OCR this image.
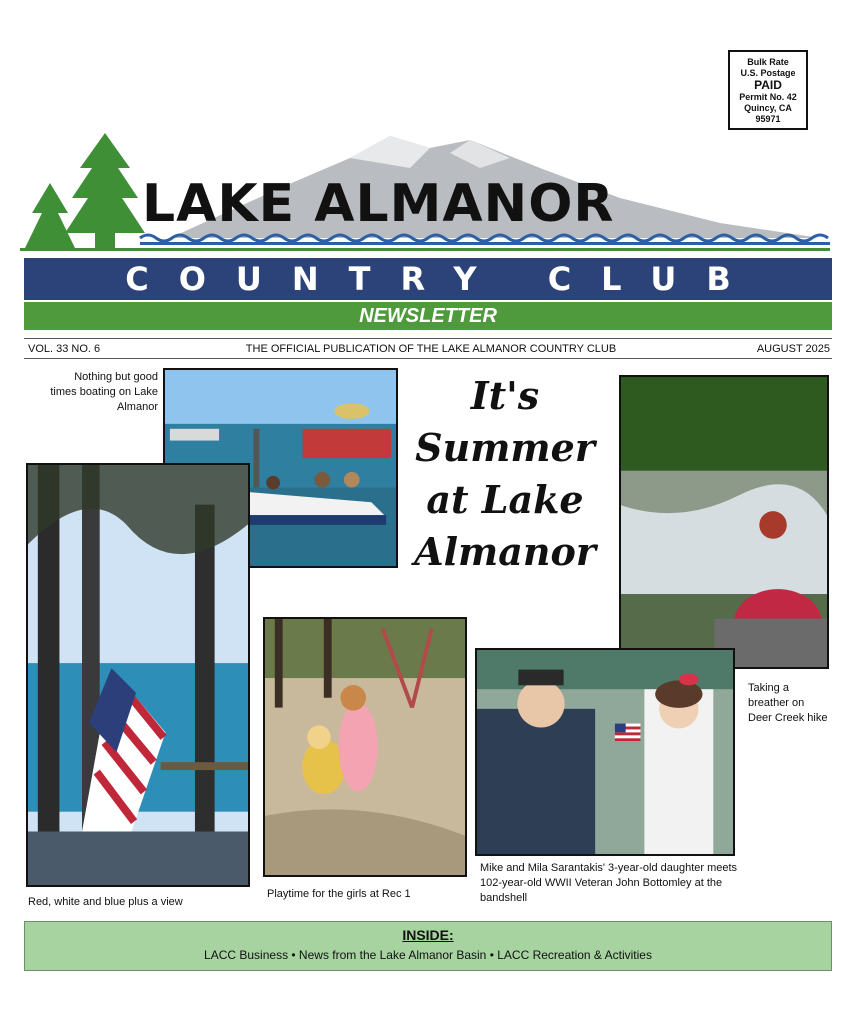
Bulk Rate
U.S. Postage
PAID
Permit No. 42
Quincy, CA
95971
LAKE ALMANOR
COUNTRY CLUB
NEWSLETTER
VOL. 33 NO. 6	THE OFFICIAL PUBLICATION OF THE LAKE ALMANOR COUNTRY CLUB	AUGUST 2025
Nothing but good times boating on Lake Almanor	It's
Summer
at Lake
Almanor
Red, white and blue plus a view
Playtime for the girls at Rec 1
Mike and Mila Sarantakis' 3-year-old daughter meets 102-year-old WWII Veteran John Bottomley at the bandshell
Taking a breather on Deer Creek hike
INSIDE:
LACC Business • News from the Lake Almanor Basin • LACC Recreation & Activities
